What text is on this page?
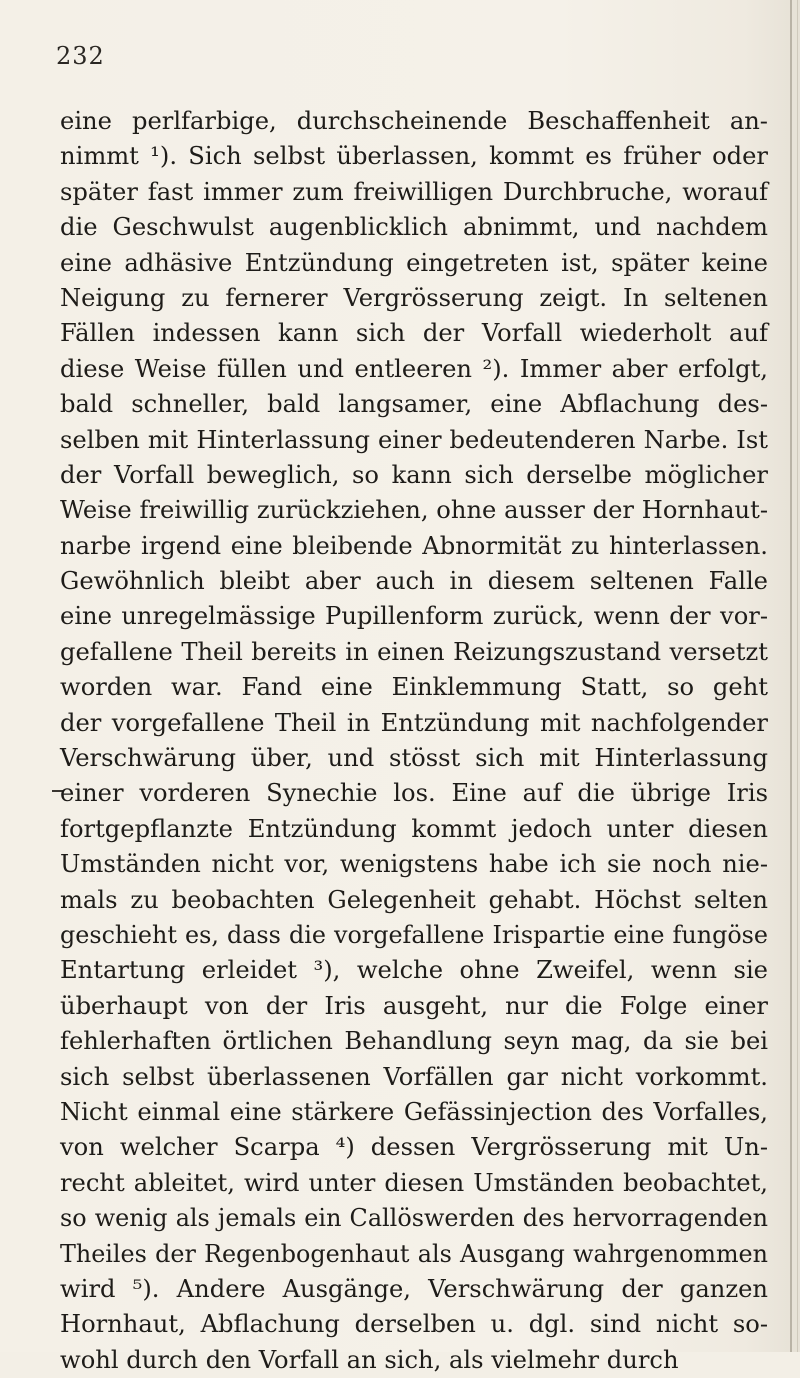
232
eine perlfarbige, durchscheinende Beschaffenheit an-
nimmt ¹). Sich selbst überlassen, kommt es früher oder
später fast immer zum freiwilligen Durchbruche, worauf
die Geschwulst augenblicklich abnimmt, und nachdem
eine adhäsive Entzündung eingetreten ist, später keine
Neigung zu fernerer Vergrösserung zeigt. In seltenen
Fällen indessen kann sich der Vorfall wiederholt auf
diese Weise füllen und entleeren ²). Immer aber erfolgt,
bald schneller, bald langsamer, eine Abflachung des-
selben mit Hinterlassung einer bedeutenderen Narbe. Ist
der Vorfall beweglich, so kann sich derselbe möglicher
Weise freiwillig zurückziehen, ohne ausser der Hornhaut-
narbe irgend eine bleibende Abnormität zu hinterlassen.
Gewöhnlich bleibt aber auch in diesem seltenen Falle
eine unregelmässige Pupillenform zurück, wenn der vor-
gefallene Theil bereits in einen Reizungszustand versetzt
worden war. Fand eine Einklemmung Statt, so geht
der vorgefallene Theil in Entzündung mit nachfolgender
Verschwärung über, und stösst sich mit Hinterlassung
einer vorderen Synechie los. Eine auf die übrige Iris
fortgepflanzte Entzündung kommt jedoch unter diesen
Umständen nicht vor, wenigstens habe ich sie noch nie-
mals zu beobachten Gelegenheit gehabt. Höchst selten
geschieht es, dass die vorgefallene Irispartie eine fungöse
Entartung erleidet ³), welche ohne Zweifel, wenn sie
überhaupt von der Iris ausgeht, nur die Folge einer
fehlerhaften örtlichen Behandlung seyn mag, da sie bei
sich selbst überlassenen Vorfällen gar nicht vorkommt.
Nicht einmal eine stärkere Gefässinjection des Vorfalles,
von welcher Scarpa ⁴) dessen Vergrösserung mit Un-
recht ableitet, wird unter diesen Umständen beobachtet,
so wenig als jemals ein Callöswerden des hervorragenden
Theiles der Regenbogenhaut als Ausgang wahrgenommen
wird ⁵). Andere Ausgänge, Verschwärung der ganzen
Hornhaut, Abflachung derselben u. dgl. sind nicht so-
wohl durch den Vorfall an sich, als vielmehr durch
